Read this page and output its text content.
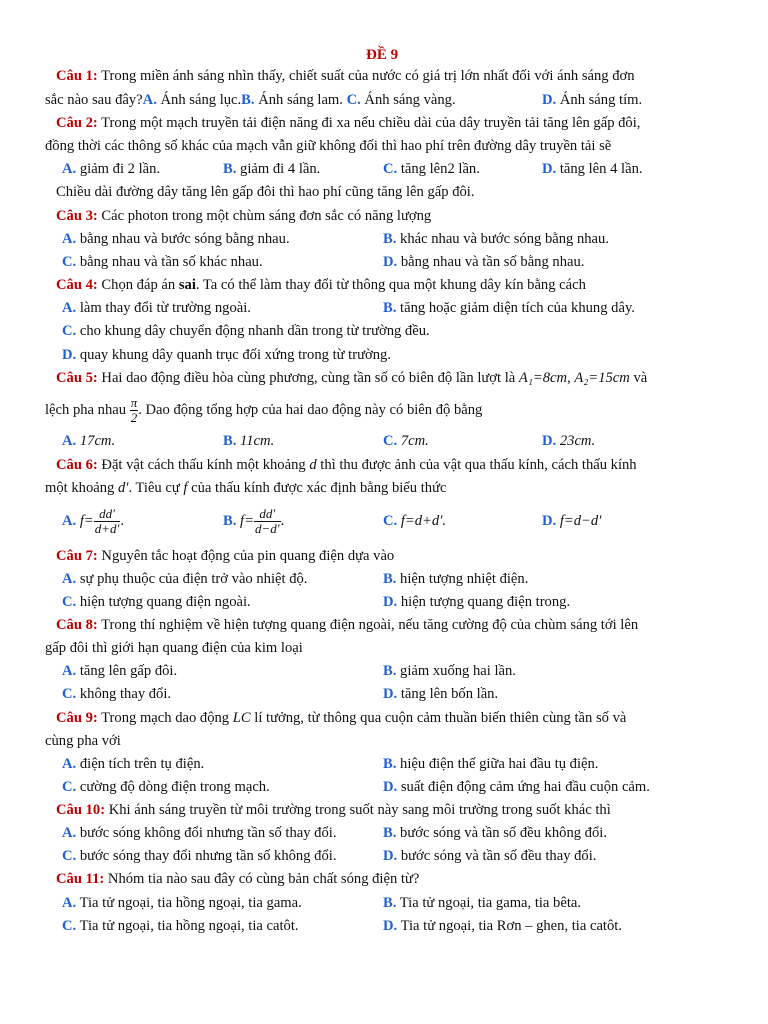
ĐỀ 9
Câu 1: Trong miền ánh sáng nhìn thấy, chiết suất của nước có giá trị lớn nhất đối với ánh sáng đơn
sắc nào sau đây?A. Ánh sáng lục.B. Ánh sáng lam. C. Ánh sáng vàng.	D. Ánh sáng tím.
Câu 2: Trong một mạch truyền tải điện năng đi xa nếu chiều dài của dây truyền tải tăng lên gấp đôi,
đồng thời các thông số khác của mạch vẫn giữ không đổi thì hao phí trên đường dây truyền tải sẽ
A. giảm đi 2 lần.	B. giảm đi 4 lần.	C. tăng lên2 lần.	D. tăng lên 4 lần.
Chiều dài đường dây tăng lên gấp đôi thì hao phí cũng tăng lên gấp đôi.
Câu 3: Các photon trong một chùm sáng đơn sắc có năng lượng
A. bằng nhau và bước sóng bằng nhau.	B. khác nhau và bước sóng bằng nhau.
C. bằng nhau và tần số khác nhau.	D. bằng nhau và tần số bằng nhau.
Câu 4: Chọn đáp án sai. Ta có thể làm thay đổi từ thông qua một khung dây kín bằng cách
A. làm thay đổi từ trường ngoài.	B. tăng hoặc giảm diện tích của khung dây.
C. cho khung dây chuyển động nhanh dần trong từ trường đều.
D. quay khung dây quanh trục đối xứng trong từ trường.
Câu 5: Hai dao động điều hòa cùng phương, cùng tần số có biên độ lần lượt là A₁=8cm, A₂=15cm và
lệch pha nhau $\frac{\pi}{2}$ . Dao động tổng hợp của hai dao động này có biên độ bằng
A. 17cm.	B. 11cm.	C. 7cm.	D. 23cm.
Câu 6: Đặt vật cách thấu kính một khoảng d thì thu được ảnh của vật qua thấu kính, cách thấu kính
một khoảng d′. Tiêu cự f của thấu kính được xác định bằng biểu thức
A. $f= \frac{dd'}{d+d'}$ .	B. $f= \frac{dd'}{d-d'}$ .	C. f=d+d′.	D. f=d−d′
Câu 7: Nguyên tắc hoạt động của pin quang điện dựa vào
A. sự phụ thuộc của điện trở vào nhiệt độ.	B. hiện tượng nhiệt điện.
C. hiện tượng quang điện ngoài.	D. hiện tượng quang điện trong.
Câu 8: Trong thí nghiệm về hiện tượng quang điện ngoài, nếu tăng cường độ của chùm sáng tới lên
gấp đôi thì giới hạn quang điện của kim loại
A. tăng lên gấp đôi.	B. giảm xuống hai lần.
C. không thay đổi.	D. tăng lên bốn lần.
Câu 9: Trong mạch dao động LC lí tưởng, từ thông qua cuộn cảm thuần biến thiên cùng tần số và
cùng pha với
A. điện tích trên tụ điện.	B. hiệu điện thế giữa hai đầu tụ điện.
C. cường độ dòng điện trong mạch.	D. suất điện động cảm ứng hai đầu cuộn cảm.
Câu 10: Khi ánh sáng truyền từ môi trường trong suốt này sang môi trường trong suốt khác thì
A. bước sóng không đổi nhưng tần số thay đổi.	B. bước sóng và tần số đều không đổi.
C. bước sóng thay đổi nhưng tần số không đổi.	D. bước sóng và tần số đều thay đổi.
Câu 11: Nhóm tia nào sau đây có cùng bản chất sóng điện từ?
A. Tia tử ngoại, tia hồng ngoại, tia gama.	B. Tia tử ngoại, tia gama, tia bêta.
C. Tia tử ngoại, tia hồng ngoại, tia catôt.	D. Tia tử ngoại, tia Rơn – ghen, tia catôt.
